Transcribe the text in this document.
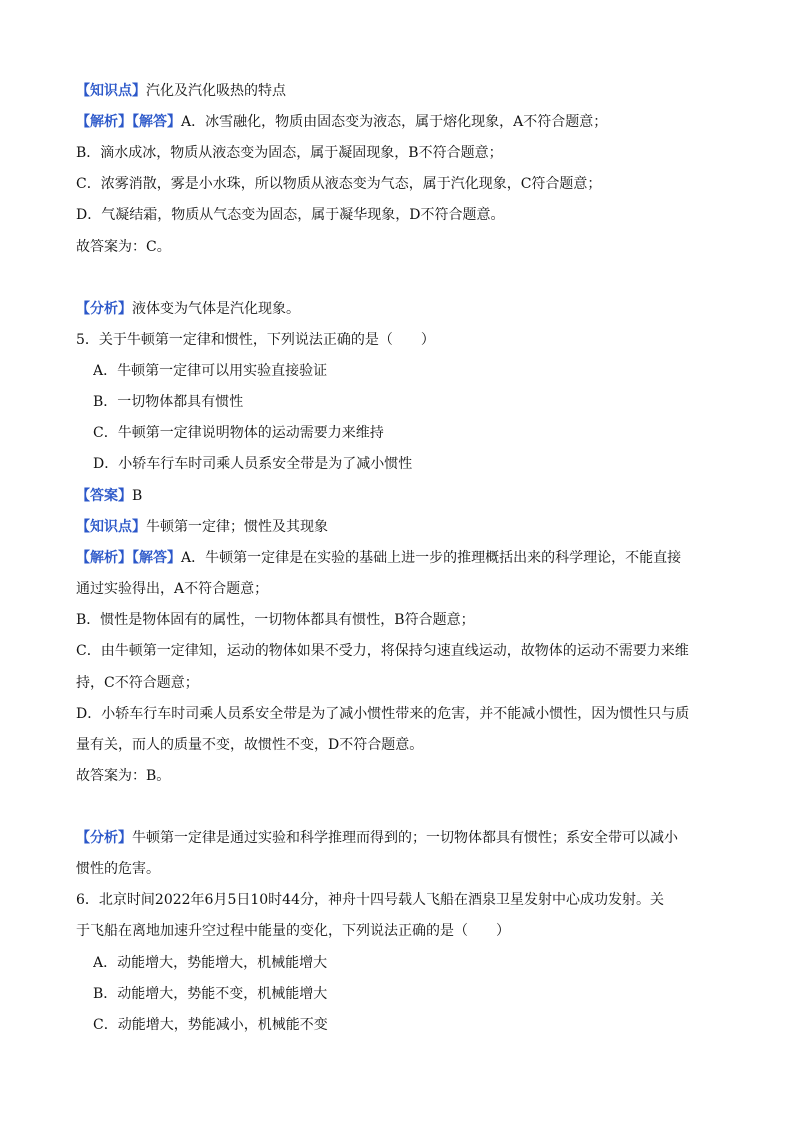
【知识点】汽化及汽化吸热的特点
【解析】【解答】A．冰雪融化，物质由固态变为液态，属于熔化现象，A不符合题意；
B．滴水成冰，物质从液态变为固态，属于凝固现象，B不符合题意；
C．浓雾消散，雾是小水珠，所以物质从液态变为气态，属于汽化现象，C符合题意；
D．气凝结霜，物质从气态变为固态，属于凝华现象，D不符合题意。
故答案为：C。
【分析】液体变为气体是汽化现象。
5．关于牛顿第一定律和惯性，下列说法正确的是（　　）
A．牛顿第一定律可以用实验直接验证
B．一切物体都具有惯性
C．牛顿第一定律说明物体的运动需要力来维持
D．小轿车行车时司乘人员系安全带是为了减小惯性
【答案】B
【知识点】牛顿第一定律；惯性及其现象
【解析】【解答】A．牛顿第一定律是在实验的基础上进一步的推理概括出来的科学理论，不能直接
通过实验得出，A不符合题意；
B．惯性是物体固有的属性，一切物体都具有惯性，B符合题意；
C．由牛顿第一定律知，运动的物体如果不受力，将保持匀速直线运动，故物体的运动不需要力来维
持，C不符合题意；
D．小轿车行车时司乘人员系安全带是为了减小惯性带来的危害，并不能减小惯性，因为惯性只与质
量有关，而人的质量不变，故惯性不变，D不符合题意。
故答案为：B。
【分析】牛顿第一定律是通过实验和科学推理而得到的；一切物体都具有惯性；系安全带可以减小
惯性的危害。
6．北京时间2022年6月5日10时44分，神舟十四号载人飞船在酒泉卫星发射中心成功发射。关
于飞船在离地加速升空过程中能量的变化，下列说法正确的是（　　）
A．动能增大，势能增大，机械能增大
B．动能增大，势能不变，机械能增大
C．动能增大，势能减小，机械能不变
